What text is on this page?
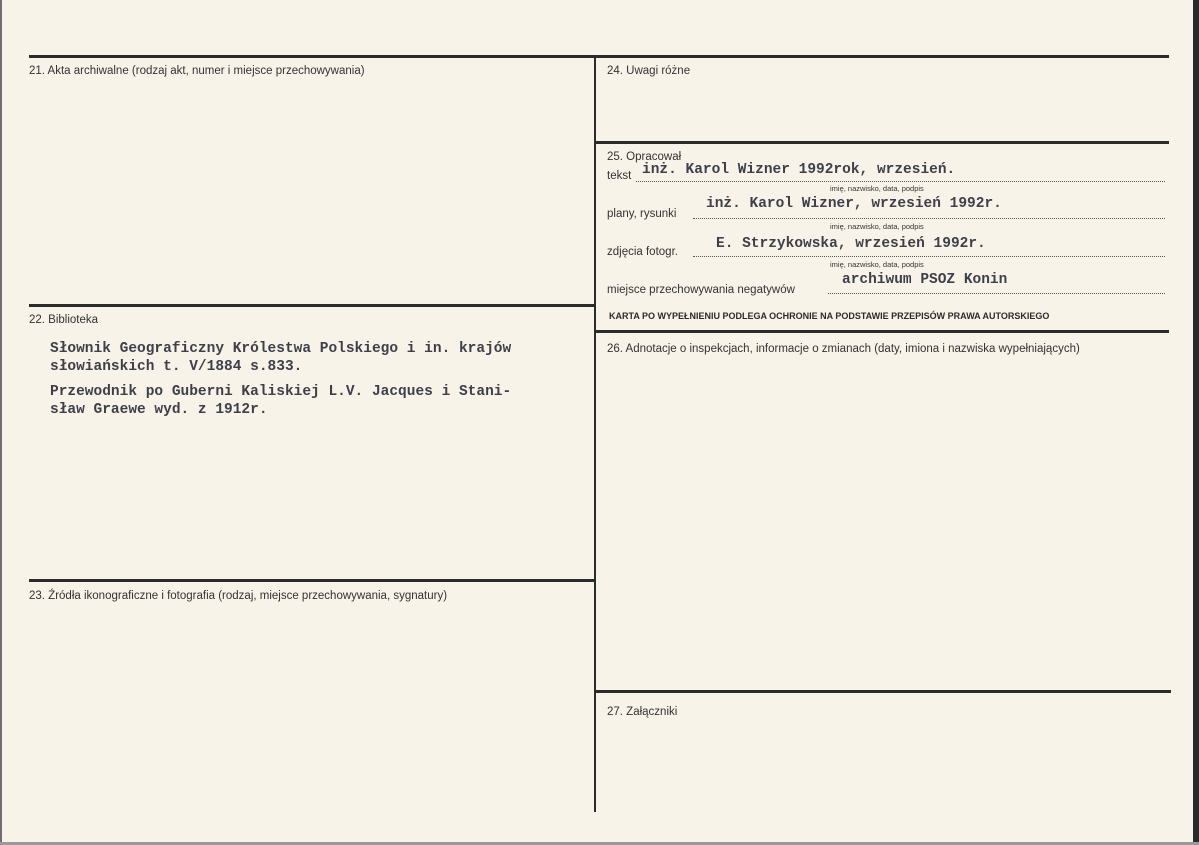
21. Akta archiwalne (rodzaj akt, numer i miejsce przechowywania)
22. Biblioteka
Słownik Geograficzny Królestwa Polskiego i in. krajów
słowiańskich t. V/1884 s.833.
Przewodnik po Guberni Kaliskiej L.V. Jacques i Stani-
sław Graewe wyd. z 1912r.
23. Źródła ikonograficzne i fotografia (rodzaj, miejsce przechowywania, sygnatury)
24. Uwagi różne
25. Opracował
tekst inż. Karol Wizner 1992rok, wrzesień.
imię, nazwisko, data, podpis
plany, rysunki
inż. Karol Wizner, wrzesień 1992r.
imię, nazwisko, data, podpis
zdjęcia fotogr.	E. Strzykowska, wrzesień 1992r.
imię, nazwisko, data, podpis
miejsce przechowywania negatywów
archiwum PSOZ Konin
KARTA PO WYPEŁNIENIU PODLEGA OCHRONIE NA PODSTAWIE PRZEPISÓW PRAWA AUTORSKIEGO
26. Adnotacje o inspekcjach, informacje o zmianach (daty, imiona i nazwiska wypełniających)
27. Załączniki
